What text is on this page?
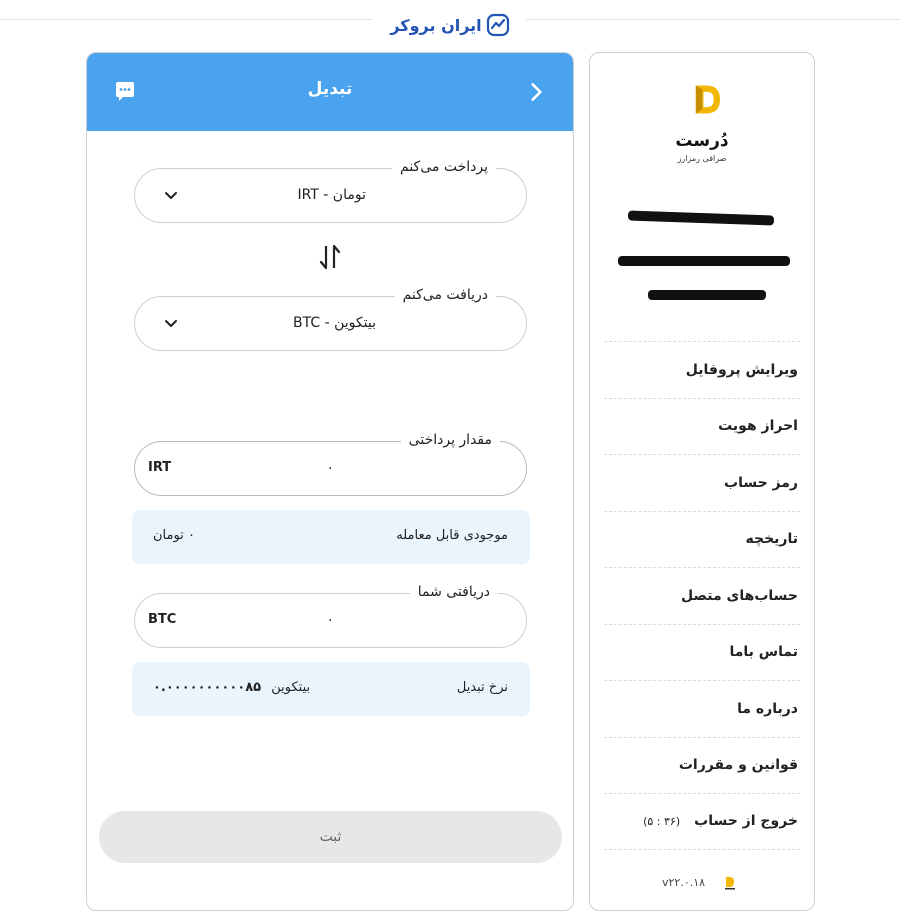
ایران بروکر
تبدیل
پرداخت می‌کنم
تومان - IRT
دریافت می‌کنم
بیتکوین - BTC
مقدار پرداختی
۰
IRT
موجودی قابل معامله
۰ تومان
دریافتی شما
۰
BTC
نرخ تبدیل
بیتکوین ۰.۰۰۰۰۰۰۰۰۰۰۸۵
ثبت
دُرست
صرافی رمزارز
ویرایش پروفایل
احراز هویت
رمز حساب
تاریخچه
حساب‌های متصل
تماس باما
درباره ما
قوانین و مقررات
(۳۶ : ۵) خروج از حساب
v۲۲.۰.۱۸
